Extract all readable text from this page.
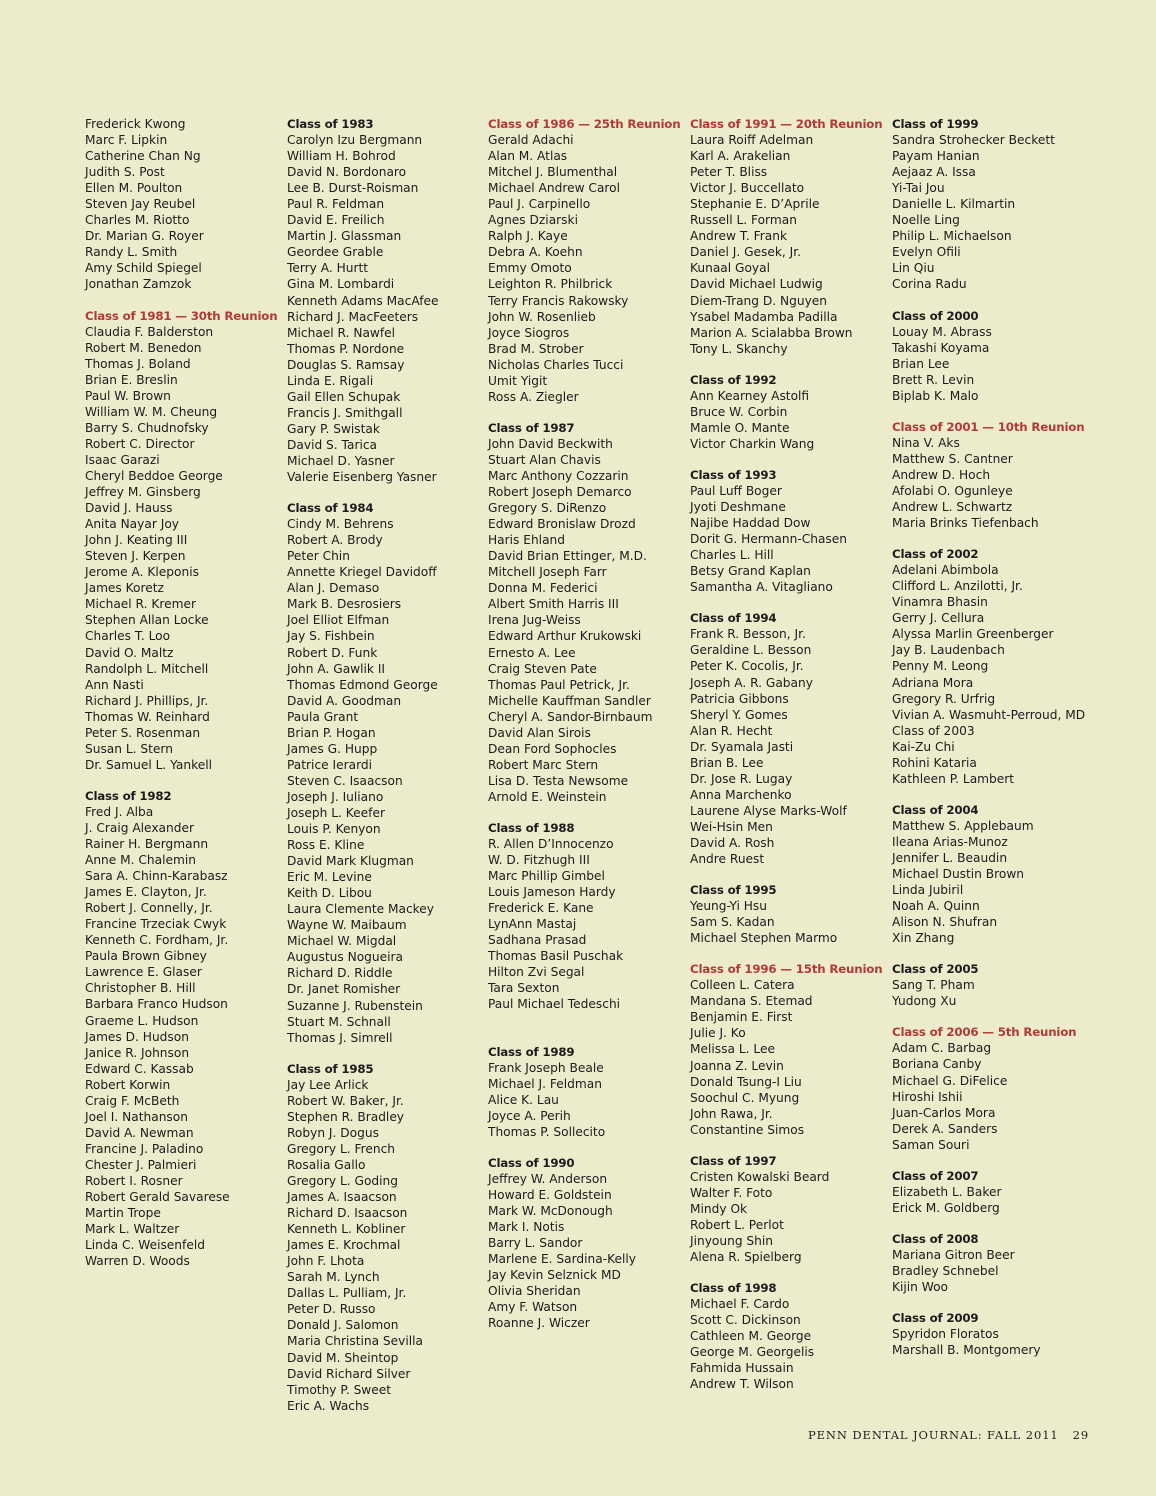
Frederick Kwong
Marc F. Lipkin
Catherine Chan Ng
Judith S. Post
Ellen M. Poulton
Steven Jay Reubel
Charles M. Riotto
Dr. Marian G. Royer
Randy L. Smith
Amy Schild Spiegel
Jonathan Zamzok
Class of 1981 — 30th Reunion
Claudia F. Balderston
Robert M. Benedon
Thomas J. Boland
Brian E. Breslin
Paul W. Brown
William W. M. Cheung
Barry S. Chudnofsky
Robert C. Director
Isaac Garazi
Cheryl Beddoe George
Jeffrey M. Ginsberg
David J. Hauss
Anita Nayar Joy
John J. Keating III
Steven J. Kerpen
Jerome A. Kleponis
James Koretz
Michael R. Kremer
Stephen Allan Locke
Charles T. Loo
David O. Maltz
Randolph L. Mitchell
Ann Nasti
Richard J. Phillips, Jr.
Thomas W. Reinhard
Peter S. Rosenman
Susan L. Stern
Dr. Samuel L. Yankell
Class of 1982
Fred J. Alba
J. Craig Alexander
Rainer H. Bergmann
Anne M. Chalemin
Sara A. Chinn-Karabasz
James E. Clayton, Jr.
Robert J. Connelly, Jr.
Francine Trzeciak Cwyk
Kenneth C. Fordham, Jr.
Paula Brown Gibney
Lawrence E. Glaser
Christopher B. Hill
Barbara Franco Hudson
Graeme L. Hudson
James D. Hudson
Janice R. Johnson
Edward C. Kassab
Robert Korwin
Craig F. McBeth
Joel I. Nathanson
David A. Newman
Francine J. Paladino
Chester J. Palmieri
Robert I. Rosner
Robert Gerald Savarese
Martin Trope
Mark L. Waltzer
Linda C. Weisenfeld
Warren D. Woods
Class of 1983
Carolyn Izu Bergmann
William H. Bohrod
David N. Bordonaro
Lee B. Durst-Roisman
Paul R. Feldman
David E. Freilich
Martin J. Glassman
Geordee Grable
Terry A. Hurtt
Gina M. Lombardi
Kenneth Adams MacAfee
Richard J. MacFeeters
Michael R. Nawfel
Thomas P. Nordone
Douglas S. Ramsay
Linda E. Rigali
Gail Ellen Schupak
Francis J. Smithgall
Gary P. Swistak
David S. Tarica
Michael D. Yasner
Valerie Eisenberg Yasner
Class of 1984
Cindy M. Behrens
Robert A. Brody
Peter Chin
Annette Kriegel Davidoff
Alan J. Demaso
Mark B. Desrosiers
Joel Elliot Elfman
Jay S. Fishbein
Robert D. Funk
John A. Gawlik II
Thomas Edmond George
David A. Goodman
Paula Grant
Brian P. Hogan
James G. Hupp
Patrice Ierardi
Steven C. Isaacson
Joseph J. Iuliano
Joseph L. Keefer
Louis P. Kenyon
Ross E. Kline
David Mark Klugman
Eric M. Levine
Keith D. Libou
Laura Clemente Mackey
Wayne W. Maibaum
Michael W. Migdal
Augustus Nogueira
Richard D. Riddle
Dr. Janet Romisher
Suzanne J. Rubenstein
Stuart M. Schnall
Thomas J. Simrell
Class of 1985
Jay Lee Arlick
Robert W. Baker, Jr.
Stephen R. Bradley
Robyn J. Dogus
Gregory L. French
Rosalia Gallo
Gregory L. Goding
James A. Isaacson
Richard D. Isaacson
Kenneth L. Kobliner
James E. Krochmal
John F. Lhota
Sarah M. Lynch
Dallas L. Pulliam, Jr.
Peter D. Russo
Donald J. Salomon
Maria Christina Sevilla
David M. Sheintop
David Richard Silver
Timothy P. Sweet
Eric A. Wachs
Class of 1986 — 25th Reunion
Gerald Adachi
Alan M. Atlas
Mitchel J. Blumenthal
Michael Andrew Carol
Paul J. Carpinello
Agnes Dziarski
Ralph J. Kaye
Debra A. Koehn
Emmy Omoto
Leighton R. Philbrick
Terry Francis Rakowsky
John W. Rosenlieb
Joyce Siogros
Brad M. Strober
Nicholas Charles Tucci
Umit Yigit
Ross A. Ziegler
Class of 1987
John David Beckwith
Stuart Alan Chavis
Marc Anthony Cozzarin
Robert Joseph Demarco
Gregory S. DiRenzo
Edward Bronislaw Drozd
Haris Ehland
David Brian Ettinger, M.D.
Mitchell Joseph Farr
Donna M. Federici
Albert Smith Harris III
Irena Jug-Weiss
Edward Arthur Krukowski
Ernesto A. Lee
Craig Steven Pate
Thomas Paul Petrick, Jr.
Michelle Kauffman Sandler
Cheryl A. Sandor-Birnbaum
David Alan Sirois
Dean Ford Sophocles
Robert Marc Stern
Lisa D. Testa Newsome
Arnold E. Weinstein
Class of 1988
R. Allen D’Innocenzo
W. D. Fitzhugh III
Marc Phillip Gimbel
Louis Jameson Hardy
Frederick E. Kane
LynAnn Mastaj
Sadhana Prasad
Thomas Basil Puschak
Hilton Zvi Segal
Tara Sexton
Paul Michael Tedeschi
Class of 1989
Frank Joseph Beale
Michael J. Feldman
Alice K. Lau
Joyce A. Perih
Thomas P. Sollecito
Class of 1990
Jeffrey W. Anderson
Howard E. Goldstein
Mark W. McDonough
Mark I. Notis
Barry L. Sandor
Marlene E. Sardina-Kelly
Jay Kevin Selznick MD
Olivia Sheridan
Amy F. Watson
Roanne J. Wiczer
Class of 1991 — 20th Reunion
Laura Roiff Adelman
Karl A. Arakelian
Peter T. Bliss
Victor J. Buccellato
Stephanie E. D’Aprile
Russell L. Forman
Andrew T. Frank
Daniel J. Gesek, Jr.
Kunaal Goyal
David Michael Ludwig
Diem-Trang D. Nguyen
Ysabel Madamba Padilla
Marion A. Scialabba Brown
Tony L. Skanchy
Class of 1992
Ann Kearney Astolfi
Bruce W. Corbin
Mamle O. Mante
Victor Charkin Wang
Class of 1993
Paul Luff Boger
Jyoti Deshmane
Najibe Haddad Dow
Dorit G. Hermann-Chasen
Charles L. Hill
Betsy Grand Kaplan
Samantha A. Vitagliano
Class of 1994
Frank R. Besson, Jr.
Geraldine L. Besson
Peter K. Cocolis, Jr.
Joseph A. R. Gabany
Patricia Gibbons
Sheryl Y. Gomes
Alan R. Hecht
Dr. Syamala Jasti
Brian B. Lee
Dr. Jose R. Lugay
Anna Marchenko
Laurene Alyse Marks-Wolf
Wei-Hsin Men
David A. Rosh
Andre Ruest
Class of 1995
Yeung-Yi Hsu
Sam S. Kadan
Michael Stephen Marmo
Class of 1996 — 15th Reunion
Colleen L. Catera
Mandana S. Etemad
Benjamin E. First
Julie J. Ko
Melissa L. Lee
Joanna Z. Levin
Donald Tsung-I Liu
Soochul C. Myung
John Rawa, Jr.
Constantine Simos
Class of 1997
Cristen Kowalski Beard
Walter F. Foto
Mindy Ok
Robert L. Perlot
Jinyoung Shin
Alena R. Spielberg
Class of 1998
Michael F. Cardo
Scott C. Dickinson
Cathleen M. George
George M. Georgelis
Fahmida Hussain
Andrew T. Wilson
Class of 1999
Sandra Strohecker Beckett
Payam Hanian
Aejaaz A. Issa
Yi-Tai Jou
Danielle L. Kilmartin
Noelle Ling
Philip L. Michaelson
Evelyn Ofili
Lin Qiu
Corina Radu
Class of 2000
Louay M. Abrass
Takashi Koyama
Brian Lee
Brett R. Levin
Biplab K. Malo
Class of 2001 — 10th Reunion
Nina V. Aks
Matthew S. Cantner
Andrew D. Hoch
Afolabi O. Ogunleye
Andrew L. Schwartz
Maria Brinks Tiefenbach
Class of 2002
Adelani Abimbola
Clifford L. Anzilotti, Jr.
Vinamra Bhasin
Gerry J. Cellura
Alyssa Marlin Greenberger
Jay B. Laudenbach
Penny M. Leong
Adriana Mora
Gregory R. Urfrig
Vivian A. Wasmuht-Perroud, MD
Class of 2003
Kai-Zu Chi
Rohini Kataria
Kathleen P. Lambert
Class of 2004
Matthew S. Applebaum
Ileana Arias-Munoz
Jennifer L. Beaudin
Michael Dustin Brown
Linda Jubiril
Noah A. Quinn
Alison N. Shufran
Xin Zhang
Class of 2005
Sang T. Pham
Yudong Xu
Class of 2006 — 5th Reunion
Adam C. Barbag
Boriana Canby
Michael G. DiFelice
Hiroshi Ishii
Juan-Carlos Mora
Derek A. Sanders
Saman Souri
Class of 2007
Elizabeth L. Baker
Erick M. Goldberg
Class of 2008
Mariana Gitron Beer
Bradley Schnebel
Kijin Woo
Class of 2009
Spyridon Floratos
Marshall B. Montgomery
PENN DENTAL JOURNAL: FALL 2011 29
